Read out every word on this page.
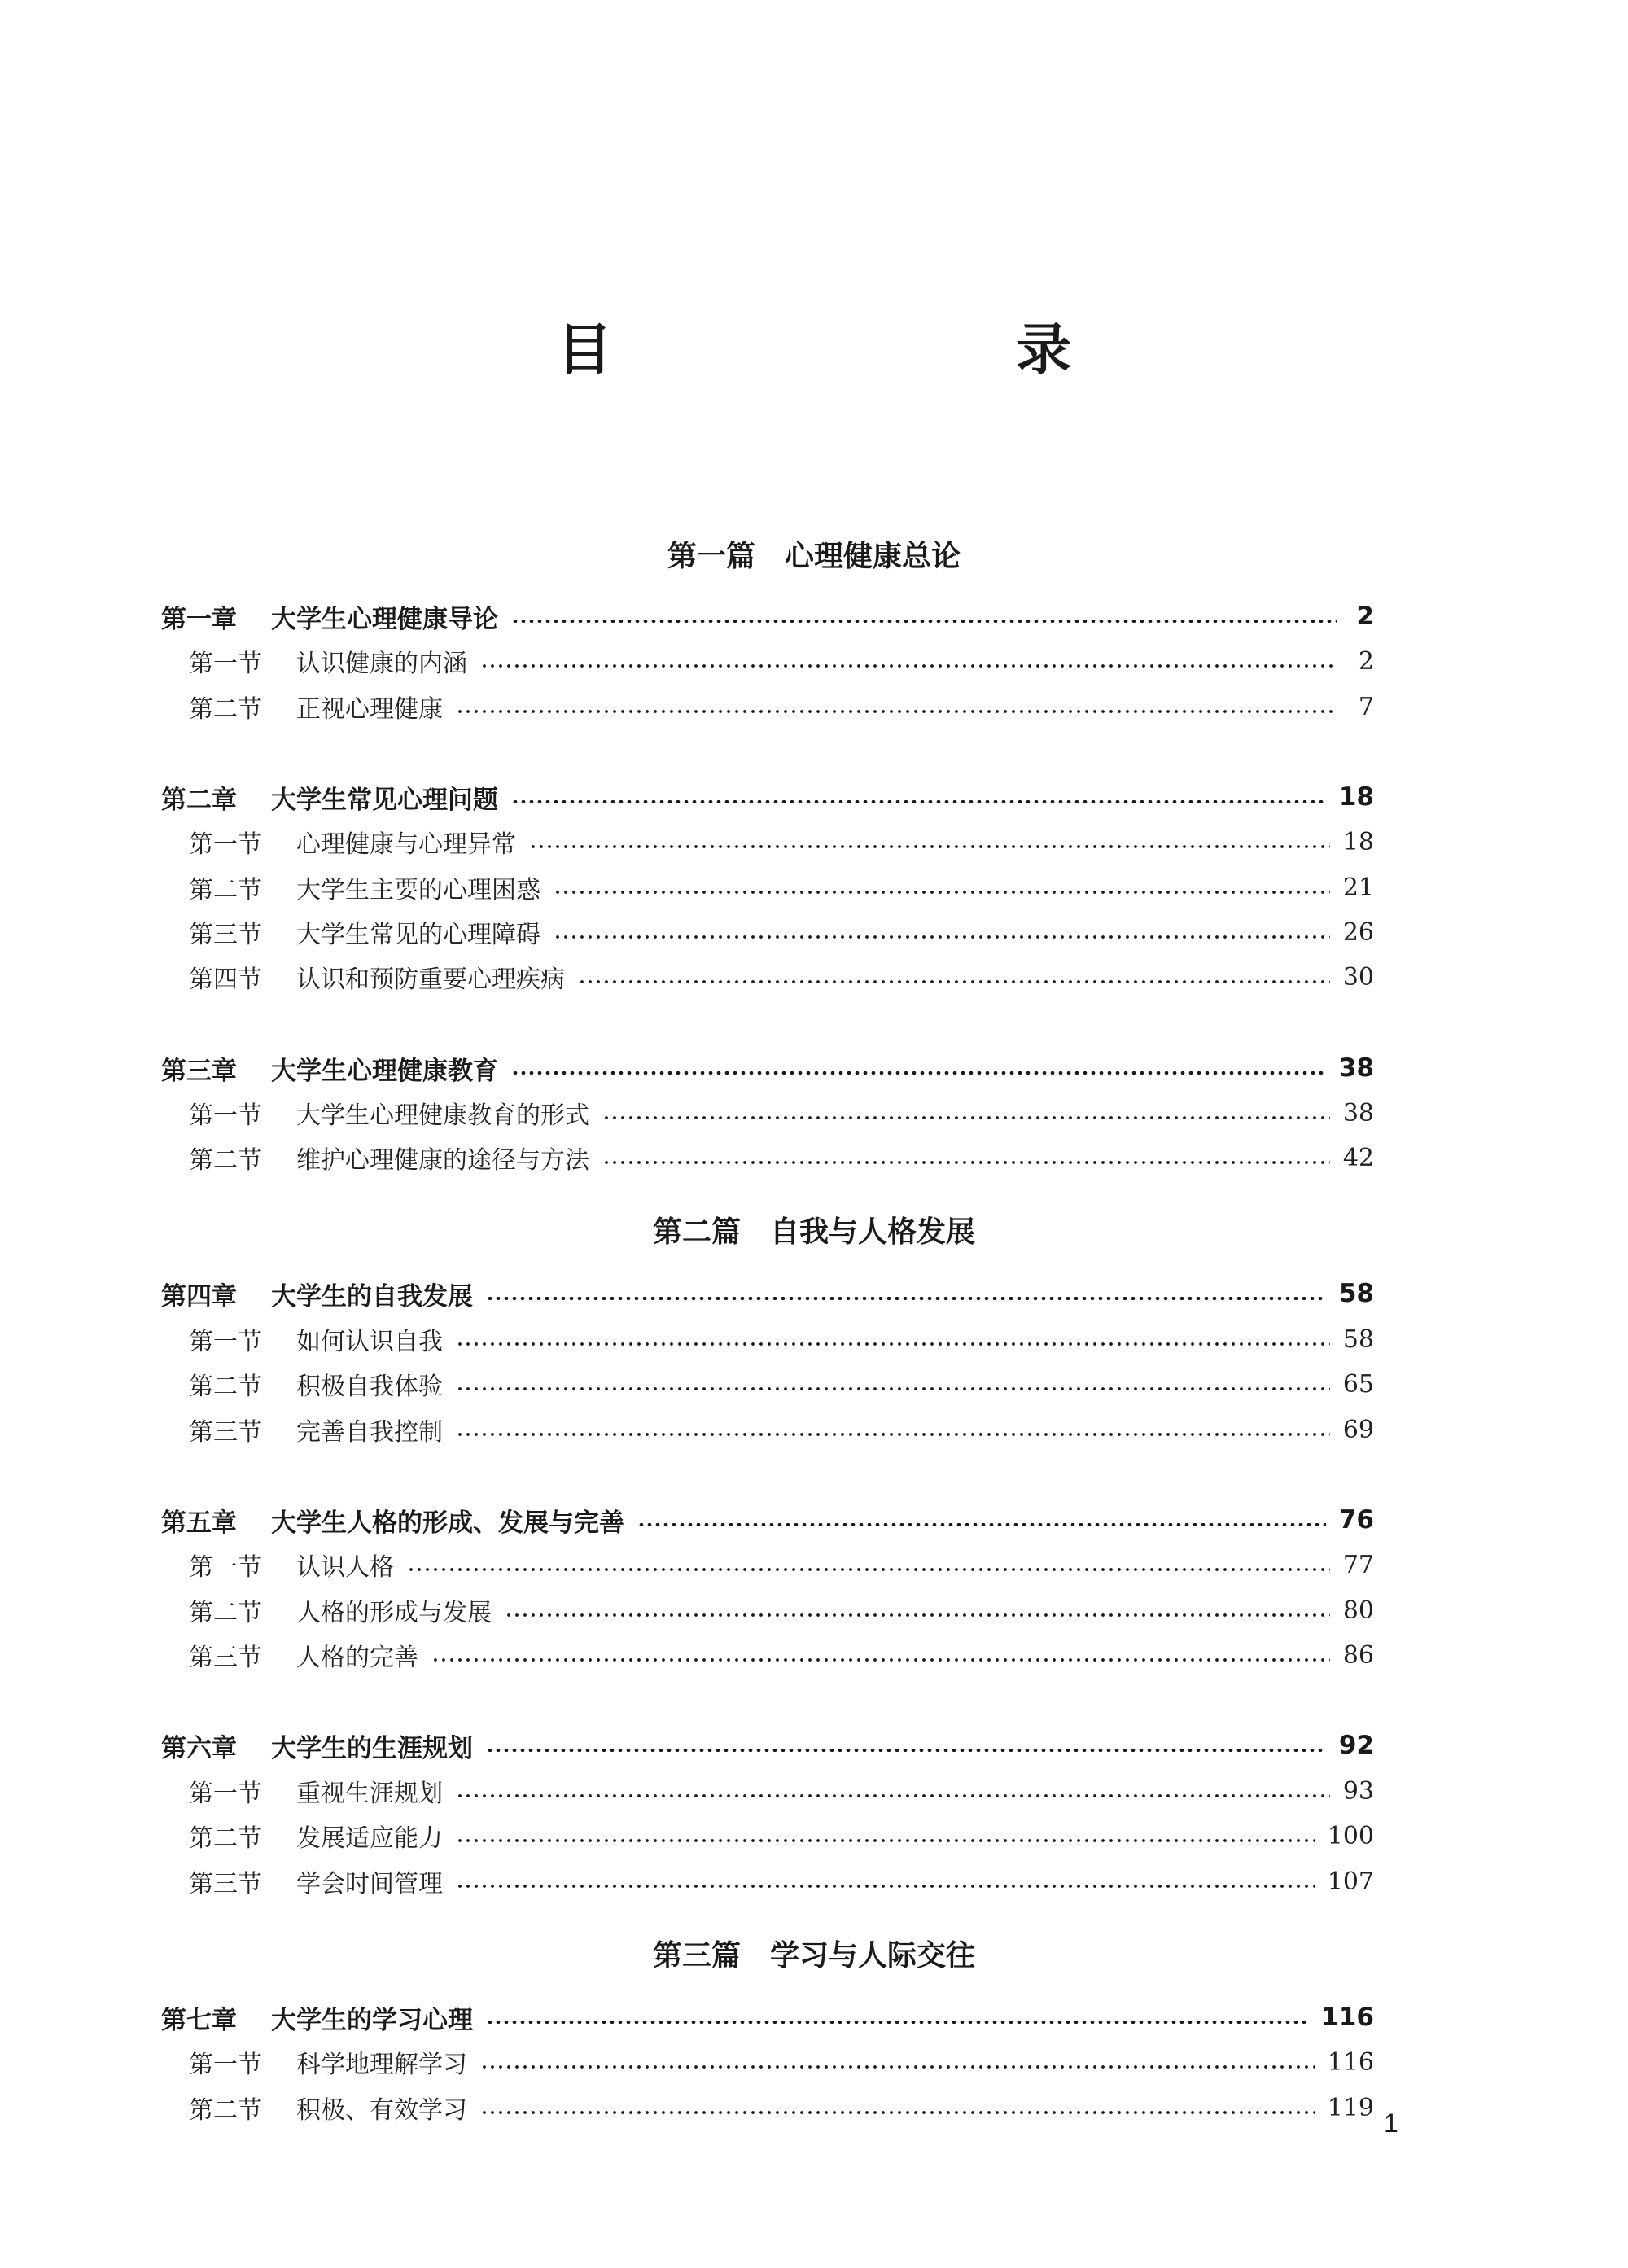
目　　录
第一篇　心理健康总论
第一章 大学生心理健康导论	2
第一节 认识健康的内涵	2
第二节 正视心理健康	7
第二章 大学生常见心理问题	18
第一节 心理健康与心理异常	18
第二节 大学生主要的心理困惑	21
第三节 大学生常见的心理障碍	26
第四节 认识和预防重要心理疾病	30
第三章 大学生心理健康教育	38
第一节 大学生心理健康教育的形式	38
第二节 维护心理健康的途径与方法	42
第二篇　自我与人格发展
第四章 大学生的自我发展	58
第一节 如何认识自我	58
第二节 积极自我体验	65
第三节 完善自我控制	69
第五章 大学生人格的形成、发展与完善	76
第一节 认识人格	77
第二节 人格的形成与发展	80
第三节 人格的完善	86
第六章 大学生的生涯规划	92
第一节 重视生涯规划	93
第二节 发展适应能力	100
第三节 学会时间管理	107
第三篇　学习与人际交往
第七章 大学生的学习心理	116
第一节 科学地理解学习	116
第二节 积极、有效学习	119
1
